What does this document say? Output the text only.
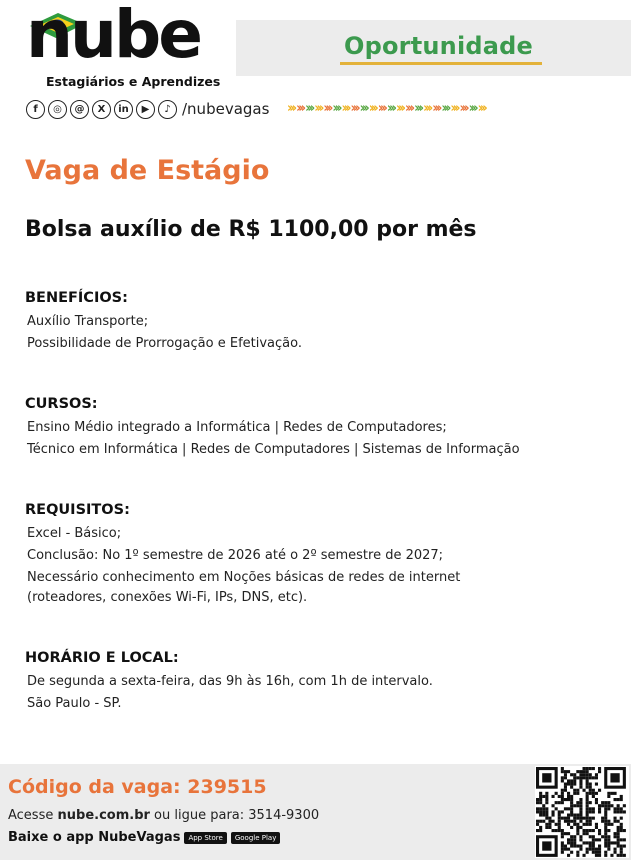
nube
Estagiários e Aprendizes
Oportunidade
f	◎	@	X	in	▶	♪ /nubevagas ››› ››› ››› ››› ››› ››› ››› ››› ››› ››› ››› ››› ››› ››› ››› ››› ››› ››› ››› ››› ››› ›››
Vaga de Estágio
Bolsa auxílio de R$ 1100,00 por mês
BENEFÍCIOS:
Auxílio Transporte;
Possibilidade de Prorrogação e Efetivação.
CURSOS:
Ensino Médio integrado a Informática | Redes de Computadores;
Técnico em Informática | Redes de Computadores | Sistemas de Informação
REQUISITOS:
Excel - Básico;
Conclusão: No 1º semestre de 2026 até o 2º semestre de 2027;
Necessário conhecimento em Noções básicas de redes de internet
(roteadores, conexões Wi-Fi, IPs, DNS, etc).
HORÁRIO E LOCAL:
De segunda a sexta-feira, das 9h às 16h, com 1h de intervalo.
São Paulo - SP.
Código da vaga: 239515
Acesse nube.com.br ou ligue para: 3514-9300
Baixe o app NubeVagas	App Store	Google Play
